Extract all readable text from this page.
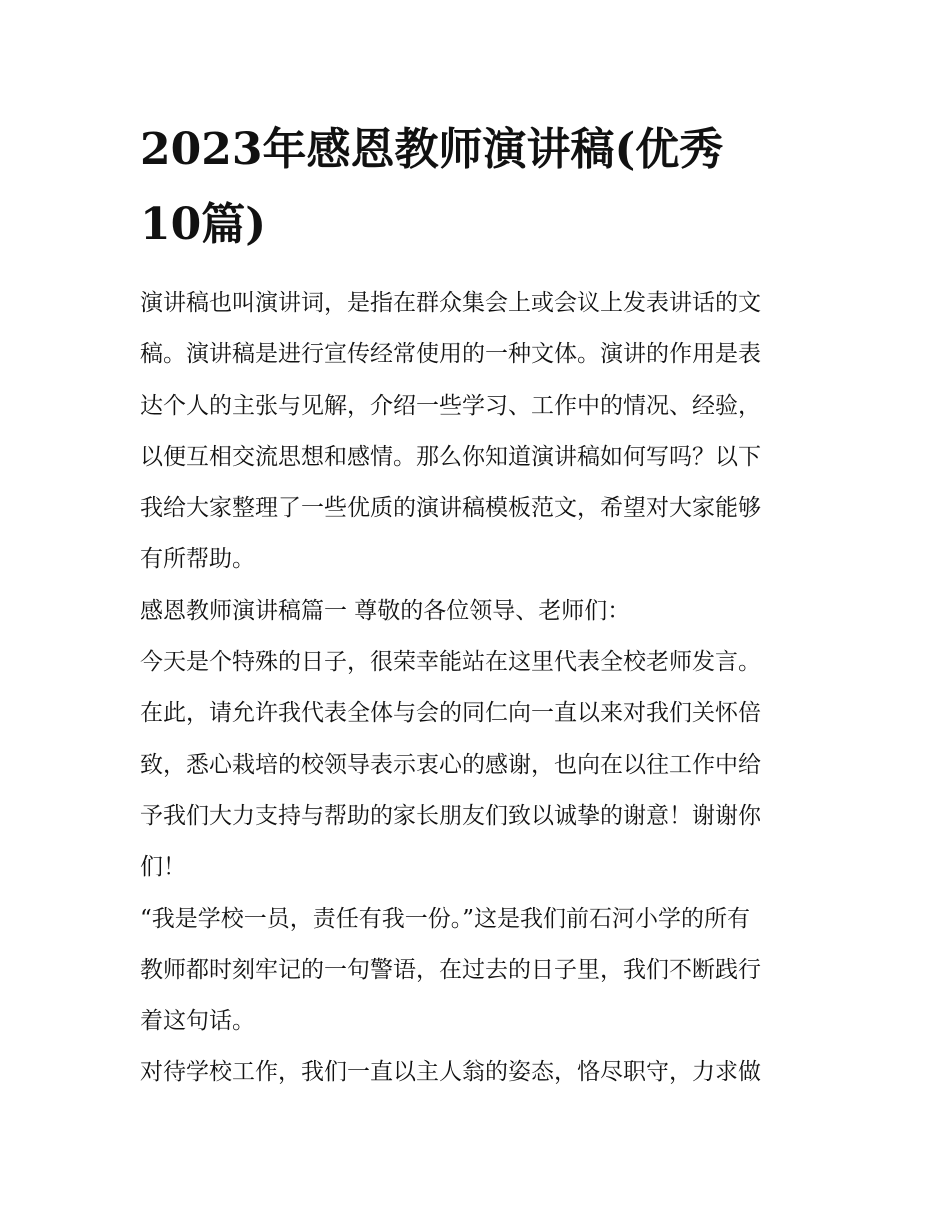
2023年感恩教师演讲稿(优秀
10篇)

演讲稿也叫演讲词，是指在群众集会上或会议上发表讲话的文
稿。演讲稿是进行宣传经常使用的一种文体。演讲的作用是表
达个人的主张与见解，介绍一些学习、工作中的情况、经验，
以便互相交流思想和感情。那么你知道演讲稿如何写吗？以下
我给大家整理了一些优质的演讲稿模板范文，希望对大家能够
有所帮助。

感恩教师演讲稿篇一 尊敬的各位领导、老师们：

今天是个特殊的日子，很荣幸能站在这里代表全校老师发言。
在此，请允许我代表全体与会的同仁向一直以来对我们关怀倍
致，悉心栽培的校领导表示衷心的感谢，也向在以往工作中给
予我们大力支持与帮助的家长朋友们致以诚挚的谢意！谢谢你
们！

“我是学校一员，责任有我一份。”这是我们前石河小学的所有
教师都时刻牢记的一句警语，在过去的日子里，我们不断践行
着这句话。

对待学校工作，我们一直以主人翁的姿态，恪尽职守，力求做
